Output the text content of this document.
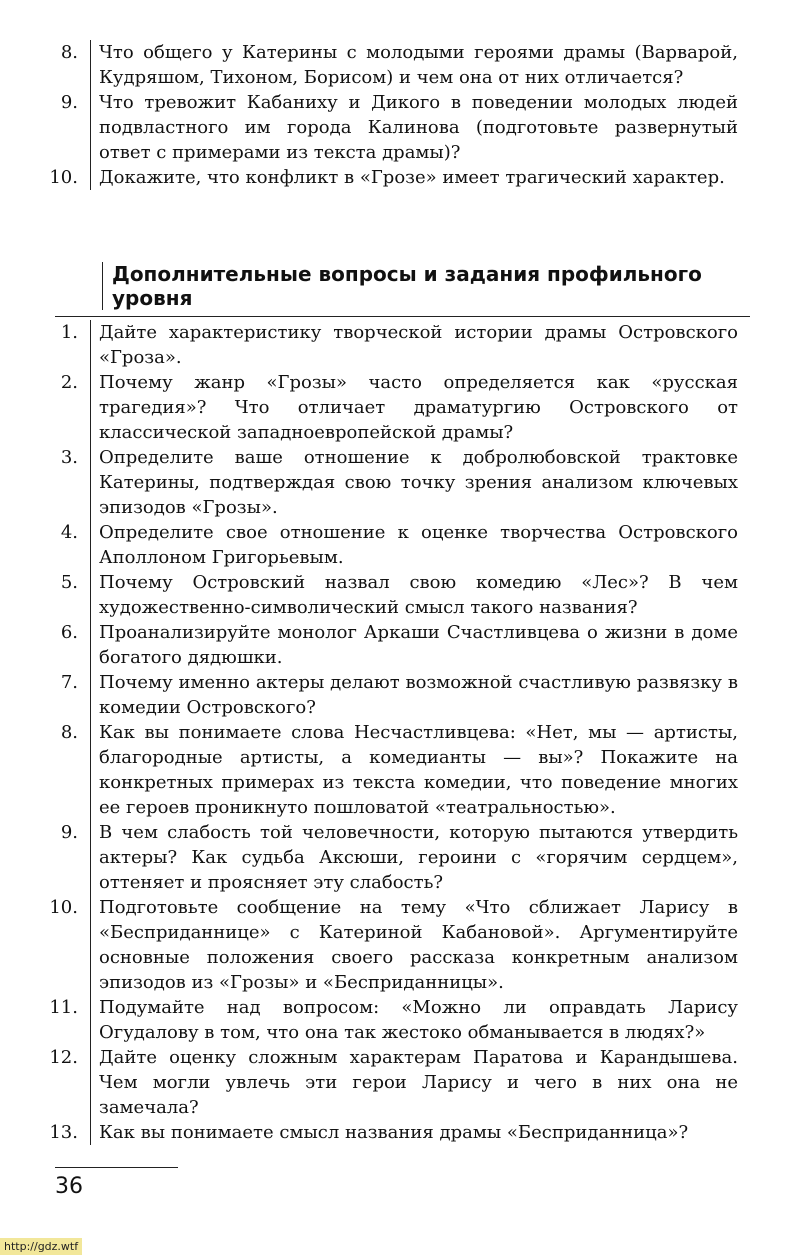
8.	Что общего у Катерины с молодыми героями драмы (Варварой, Кудряшом, Тихоном, Борисом) и чем она от них отличается?
9.	Что тревожит Кабаниху и Дикого в поведении молодых людей подвластного им города Калинова (подготовьте развернутый ответ с примерами из текста драмы)?
10.	Докажите, что конфликт в «Грозе» имеет трагический характер.
Дополнительные вопросы и задания профильного уровня
1.	Дайте характеристику творческой истории драмы Островского «Гроза».
2.	Почему жанр «Грозы» часто определяется как «русская трагедия»? Что отличает драматургию Островского от классической западноевропейской драмы?
3.	Определите ваше отношение к добролюбовской трактовке Катерины, подтверждая свою точку зрения анализом ключевых эпизодов «Грозы».
4.	Определите свое отношение к оценке творчества Островского Аполлоном Григорьевым.
5.	Почему Островский назвал свою комедию «Лес»? В чем художественно-символический смысл такого названия?
6.	Проанализируйте монолог Аркаши Счастливцева о жизни в доме богатого дядюшки.
7.	Почему именно актеры делают возможной счастливую развязку в комедии Островского?
8.	Как вы понимаете слова Несчастливцева: «Нет, мы — артисты, благородные артисты, а комедианты — вы»? Покажите на конкретных примерах из текста комедии, что поведение многих ее героев проникнуто пошловатой «театральностью».
9.	В чем слабость той человечности, которую пытаются утвердить актеры? Как судьба Аксюши, героини с «горячим сердцем», оттеняет и проясняет эту слабость?
10.	Подготовьте сообщение на тему «Что сближает Ларису в «Бесприданнице» с Катериной Кабановой». Аргументируйте основные положения своего рассказа конкретным анализом эпизодов из «Грозы» и «Бесприданницы».
11.	Подумайте над вопросом: «Можно ли оправдать Ларису Огудалову в том, что она так жестоко обманывается в людях?»
12.	Дайте оценку сложным характерам Паратова и Карандышева. Чем могли увлечь эти герои Ларису и чего в них она не замечала?
13.	Как вы понимаете смысл названия драмы «Бесприданница»?
36
http://gdz.wtf
